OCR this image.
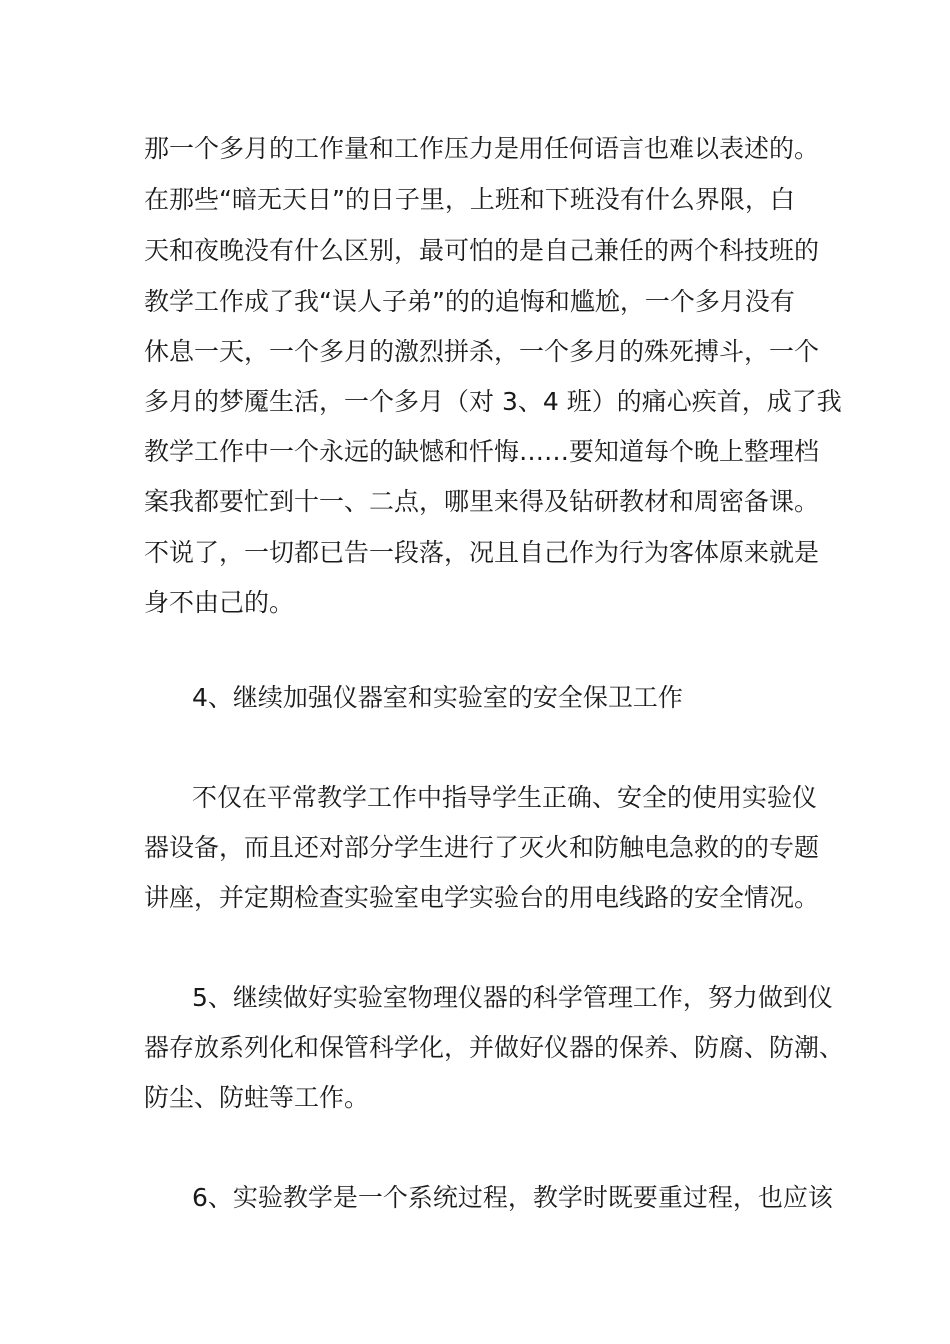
那一个多月的工作量和工作压力是用任何语言也难以表述的。

在那些“暗无天日”的日子里，上班和下班没有什么界限，白

天和夜晚没有什么区别，最可怕的是自己兼任的两个科技班的

教学工作成了我“误人子弟”的的追悔和尴尬，一个多月没有

休息一天，一个多月的激烈拼杀，一个多月的殊死搏斗，一个

多月的梦魇生活，一个多月（对 3、4 班）的痛心疾首，成了我

教学工作中一个永远的缺憾和忏悔……要知道每个晚上整理档

案我都要忙到十一、二点，哪里来得及钻研教材和周密备课。

不说了，一切都已告一段落，况且自己作为行为客体原来就是

身不由己的。

4、继续加强仪器室和实验室的安全保卫工作

不仅在平常教学工作中指导学生正确、安全的使用实验仪

器设备，而且还对部分学生进行了灭火和防触电急救的的专题

讲座，并定期检查实验室电学实验台的用电线路的安全情况。

5、继续做好实验室物理仪器的科学管理工作，努力做到仪

器存放系列化和保管科学化，并做好仪器的保养、防腐、防潮、

防尘、防蛀等工作。

6、实验教学是一个系统过程，教学时既要重过程，也应该
